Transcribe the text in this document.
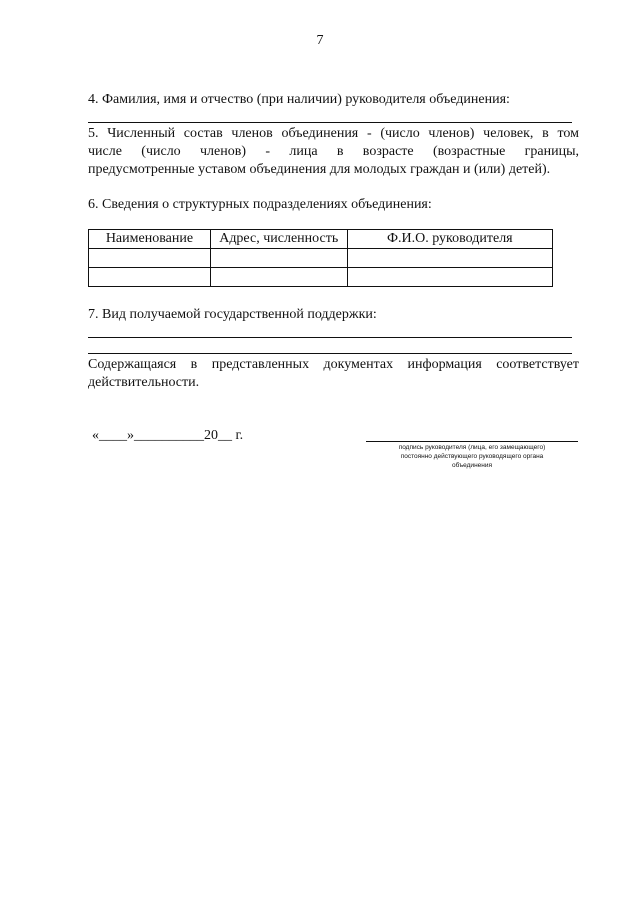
7
4. Фамилия, имя и отчество (при наличии) руководителя объединения:
5. Численный состав членов объединения - (число членов) человек, в том
числе (число членов) - лица в возрасте (возрастные границы,
предусмотренные уставом объединения для молодых граждан и (или) детей).
6. Сведения о структурных подразделениях объединения:
Наименование	Адрес, численность	Ф.И.О. руководителя

7. Вид получаемой государственной поддержки:
Содержащаяся в представленных документах информация соответствует
действительности.
«____»__________20__ г.
подпись руководителя (лица, его замещающего)
постоянно действующего руководящего органа
объединения
